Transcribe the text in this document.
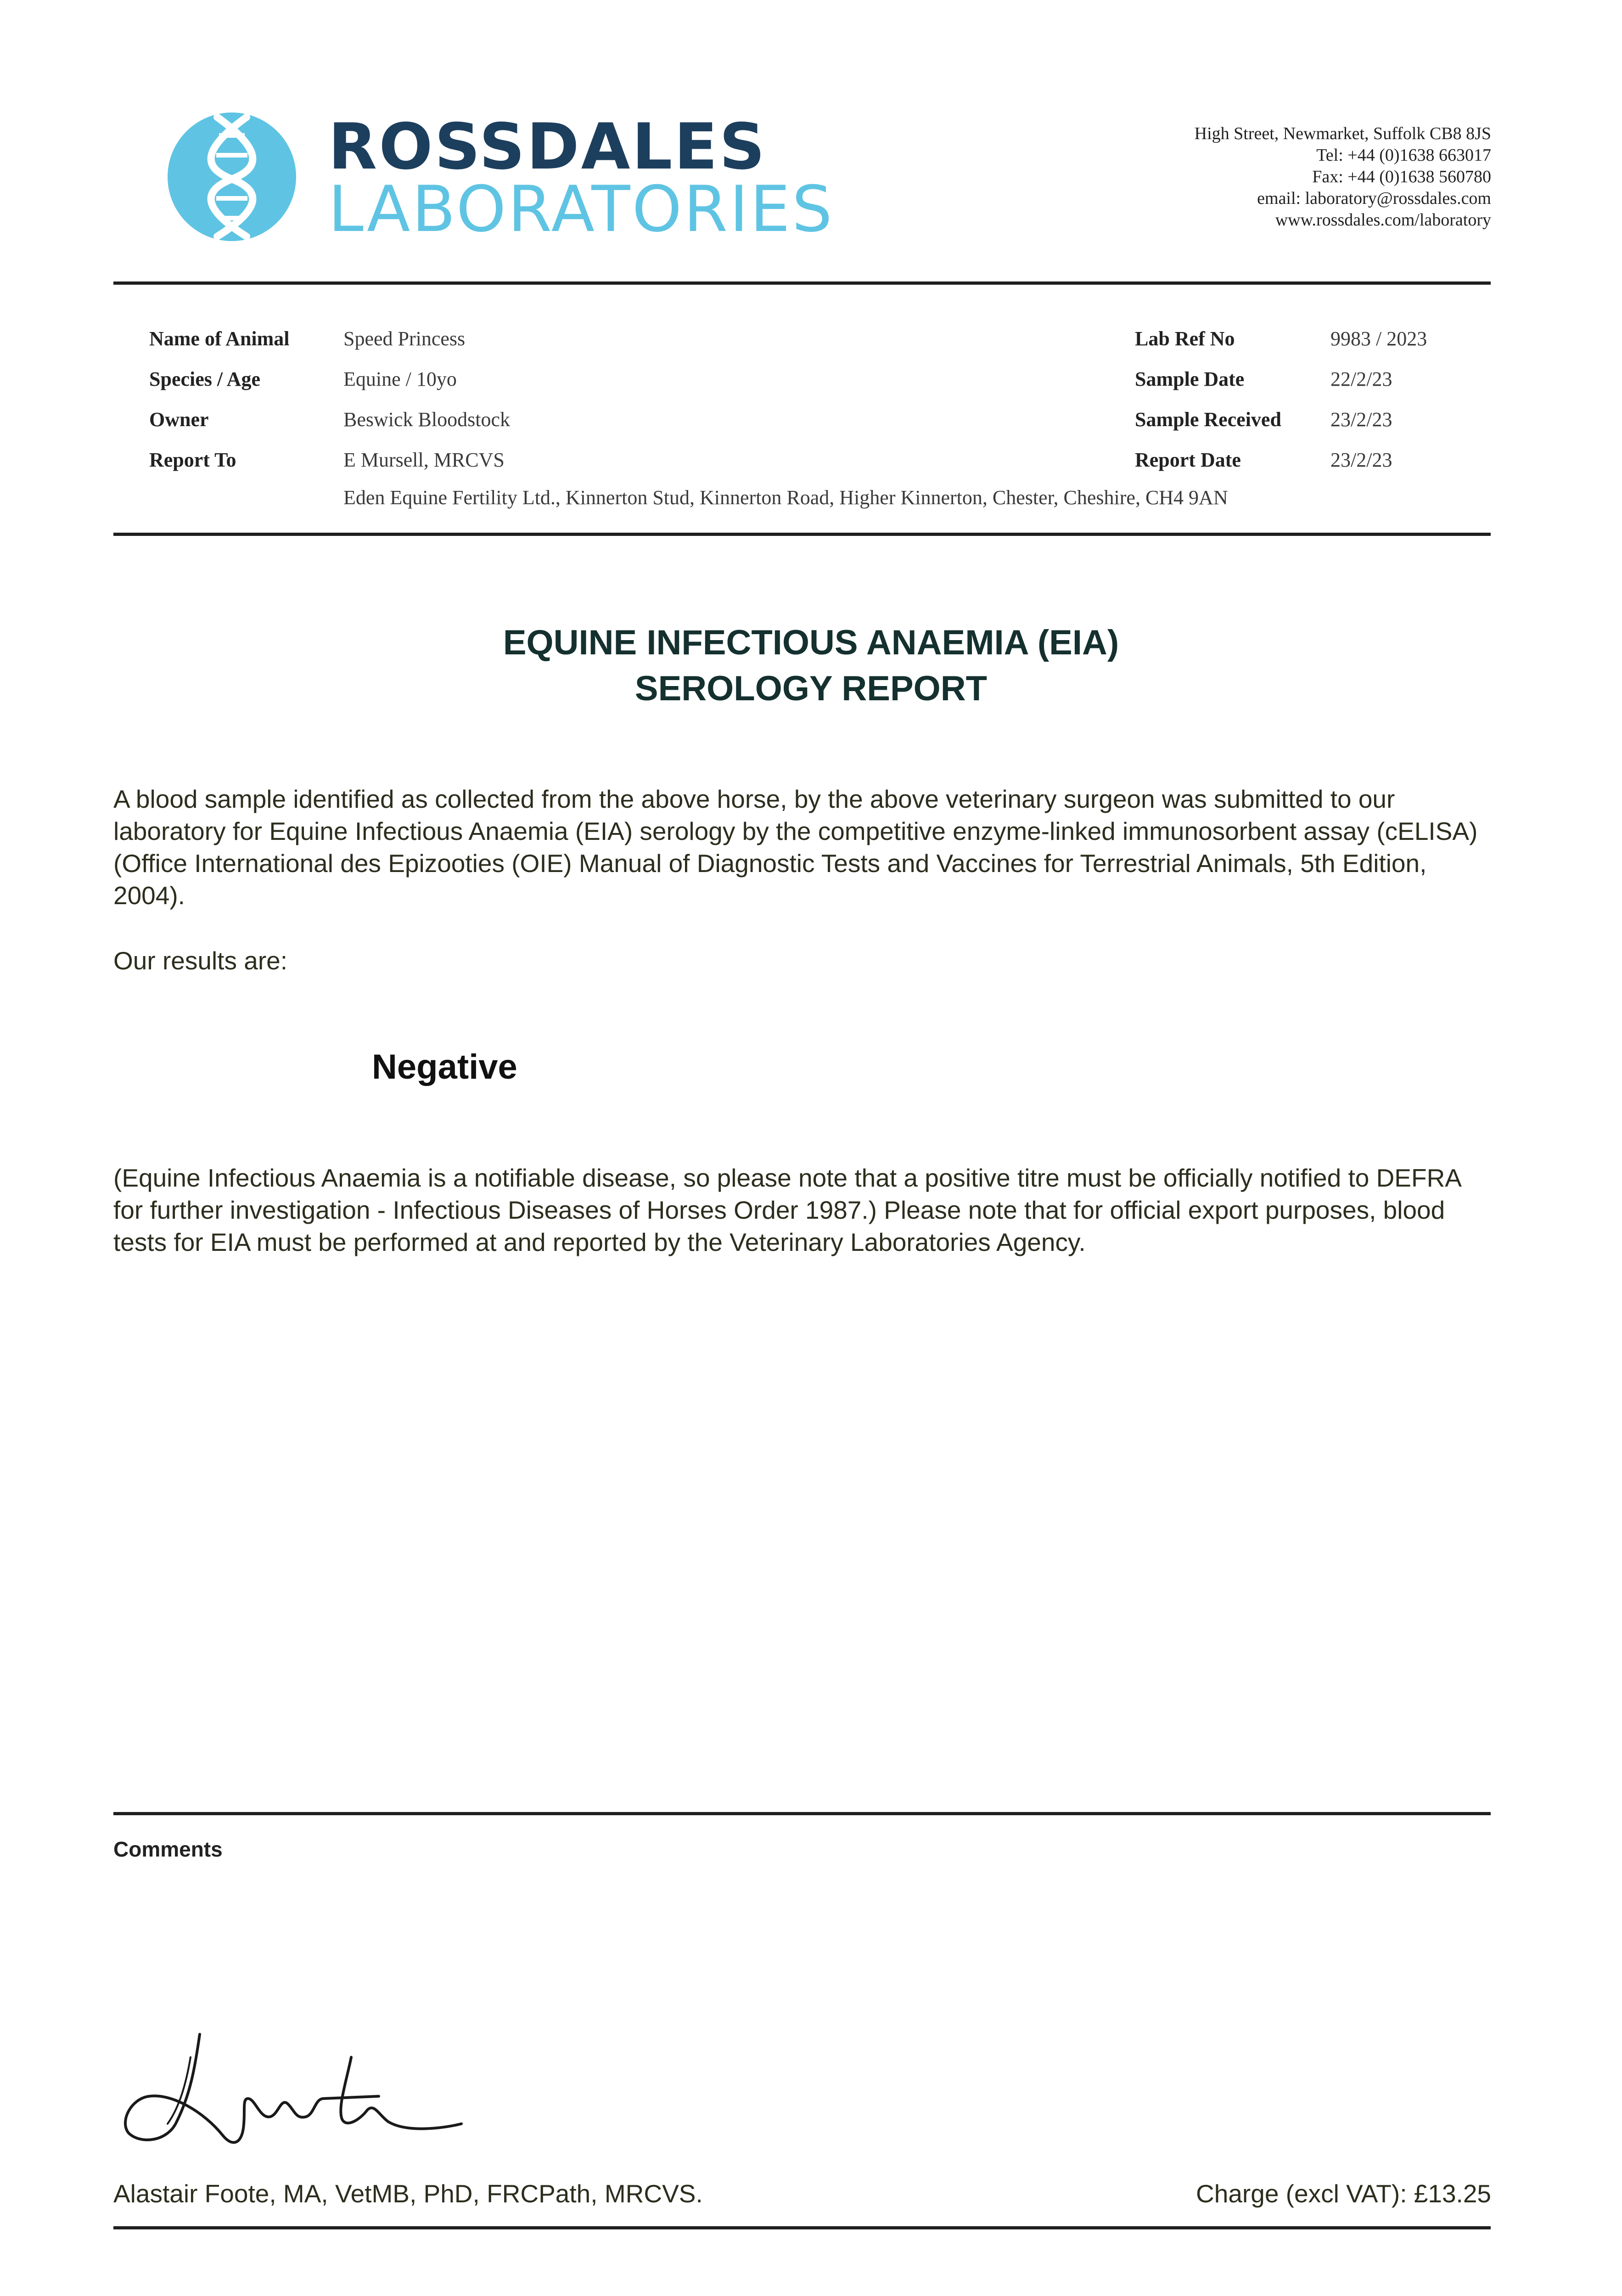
ROSSDALES
LABORATORIES
High Street, Newmarket, Suffolk CB8 8JS
Tel: +44 (0)1638 663017
Fax: +44 (0)1638 560780
email: laboratory@rossdales.com
www.rossdales.com/laboratory
Name of Animal	Speed Princess
Species / Age	Equine / 10yo
Owner	Beswick Bloodstock
Report To	E Mursell, MRCVS
Eden Equine Fertility Ltd., Kinnerton Stud, Kinnerton Road, Higher Kinnerton, Chester, Cheshire, CH4 9AN
Lab Ref No	9983 / 2023
Sample Date	22/2/23
Sample Received 23/2/23
Report Date	23/2/23
EQUINE INFECTIOUS ANAEMIA (EIA)
SEROLOGY REPORT
A blood sample identified as collected from the above horse, by the above veterinary surgeon was submitted to our laboratory for Equine Infectious Anaemia (EIA) serology by the competitive enzyme-linked immunosorbent assay (cELISA) (Office International des Epizooties (OIE) Manual of Diagnostic Tests and Vaccines for Terrestrial Animals, 5th Edition, 2004).
Our results are:
Negative
(Equine Infectious Anaemia is a notifiable disease, so please note that a positive titre must be officially notified to DEFRA for further investigation - Infectious Diseases of Horses Order 1987.) Please note that for official export purposes, blood tests for EIA must be performed at and reported by the Veterinary Laboratories Agency.
Comments
Alastair Foote, MA, VetMB, PhD, FRCPath, MRCVS.	Charge (excl VAT): £13.25
